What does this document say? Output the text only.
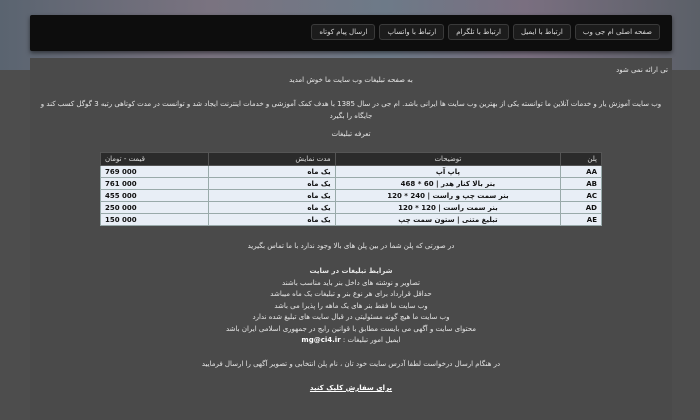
صفحه اصلی ام جی وب
ارتباط با ایمیل
ارتباط با تلگرام
ارتباط با واتساپ
ارسال پیام کوتاه
تی ارائه نمی شود
به صفحه تبلیغات وب سایت ما خوش امدید
وب سایت آموزش یار و خدمات آنلاین ما توانسته یکی از بهترین وب سایت ها ایرانی باشد. ام جی در سال 1385 با هدف کمک آموزشی و خدمات اینترنت ایجاد شد و توانست در مدت کوتاهی رتبه 3 گوگل کسب کند و جایگاه را بگیرد
تعرفه تبلیغات
پلن	توضیحات	مدت نمایش	قیمت - تومان
AA	پاپ آپ	یک ماه	769 000
AB	بنر بالا کنار هدر | 60 * 468	یک ماه	761 000
AC	بنر سمت چپ و راست | 240 * 120	یک ماه	455 000
AD	بنر سمت راست | 120 * 120	یک ماه	250 000
AE	تبلیغ متنی | ستون سمت چپ	یک ماه	150 000
در صورتی که پلن شما در بین پلن های بالا وجود ندارد با ما تماس بگیرید
شرایط تبلیغات در سایت
تصاویر و نوشته های داخل بنر باید مناسب باشند
حداقل قرارداد برای هر نوع بنر و تبلیغات یک ماه میباشد
وب سایت ما فقط بنر های یک ماهه را پذیرا می باشد
وب سایت ما هیچ گونه مسئولیتی در قبال سایت های تبلیغ شده ندارد
محتوای سایت و آگهی می بایست مطابق با قوانین رایج در جمهوری اسلامی ایران باشد
ایمیل امور تبلیغات : mg@ci4.ir
در هنگام ارسال درخواست لطفا آدرس سایت خود تان ، نام پلن انتخابی و تصویر آگهی را ارسال فرمایید
برای سفارش کلیک کنید
